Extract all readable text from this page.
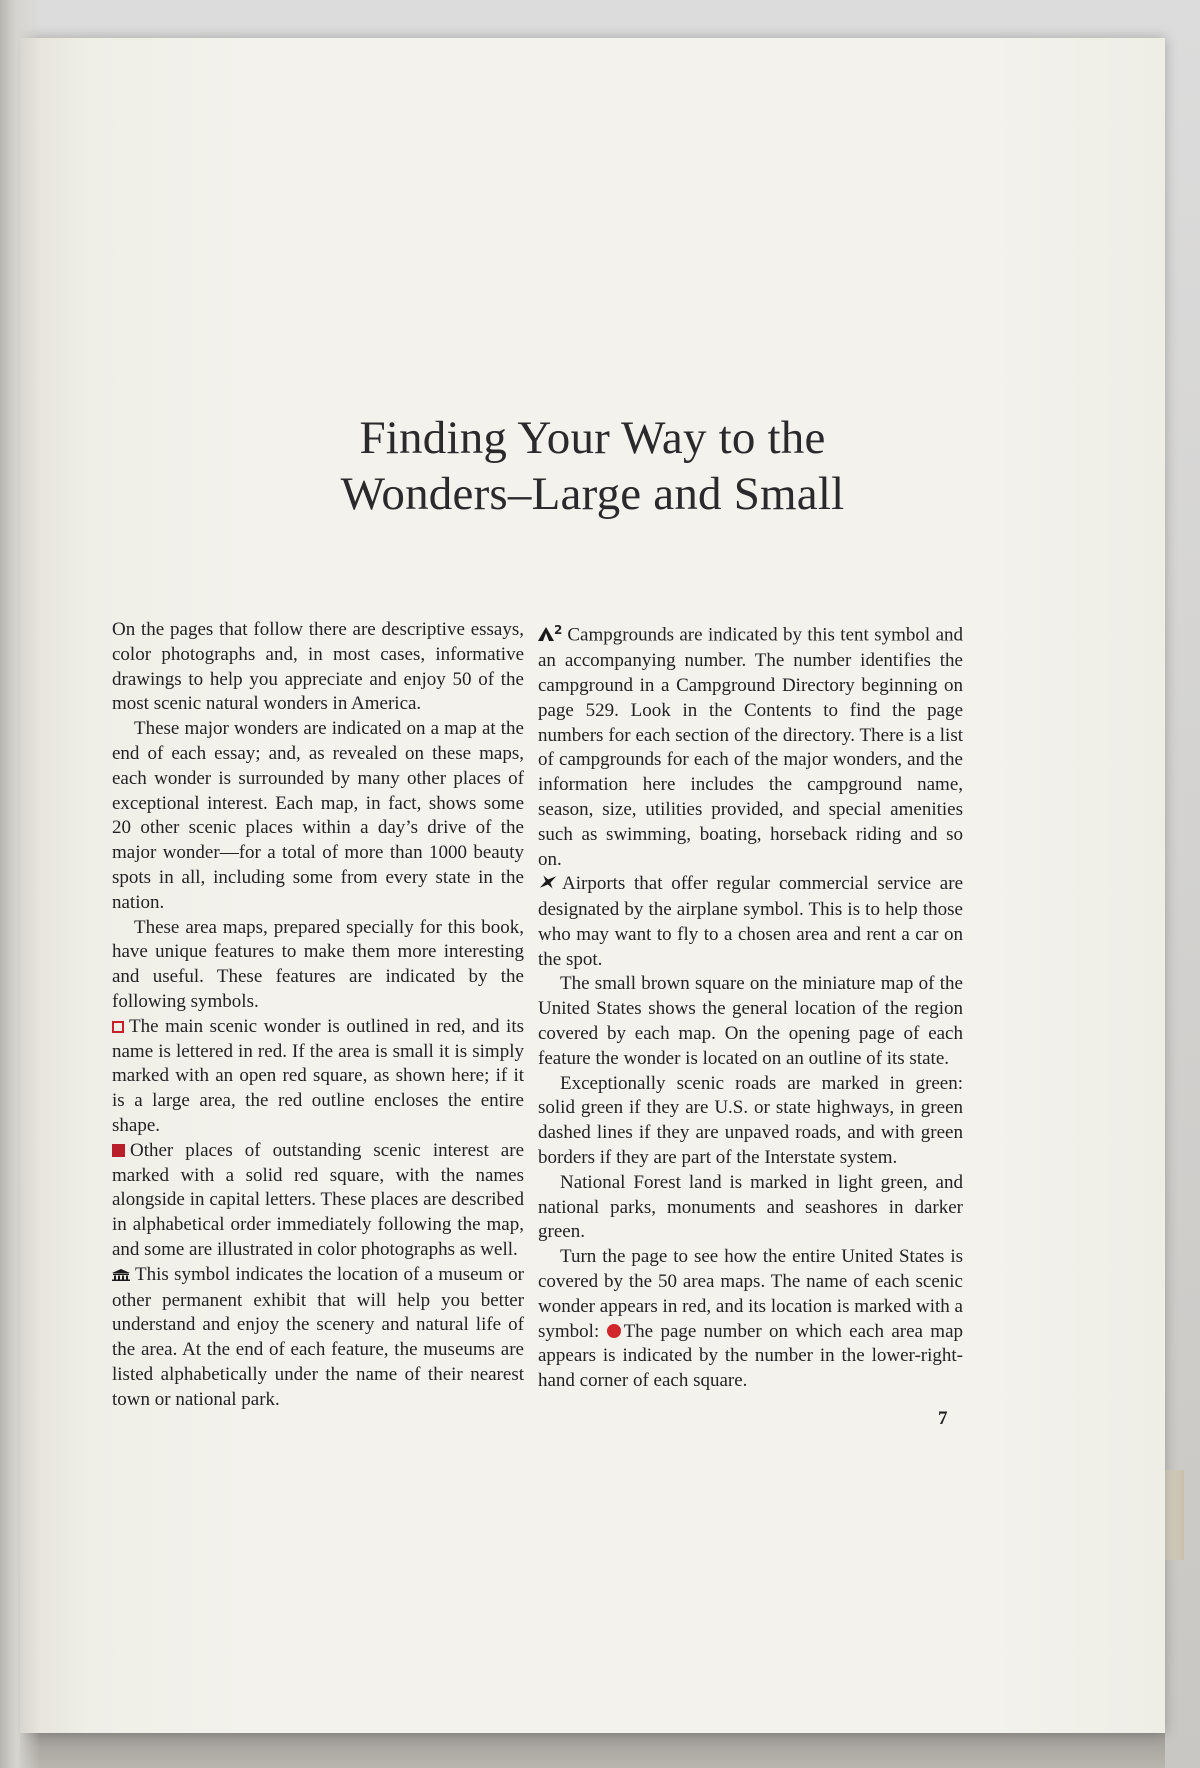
Finding Your Way to the
Wonders–Large and Small

On the pages that follow there are descriptive essays, color photographs and, in most cases, informative drawings to help you appreciate and enjoy 50 of the most scenic natural wonders in America.

These major wonders are indicated on a map at the end of each essay; and, as revealed on these maps, each wonder is surrounded by many other places of exceptional interest. Each map, in fact, shows some 20 other scenic places within a day’s drive of the major wonder—for a total of more than 1000 beauty spots in all, including some from every state in the nation.

These area maps, prepared specially for this book, have unique features to make them more interesting and useful. These features are indicated by the following symbols.

The main scenic wonder is outlined in red, and its name is lettered in red. If the area is small it is simply marked with an open red square, as shown here; if it is a large area, the red outline encloses the entire shape.

Other places of outstanding scenic interest are marked with a solid red square, with the names alongside in capital letters. These places are described in alphabetical order immediately following the map, and some are illustrated in color photographs as well.

This symbol indicates the location of a museum or other permanent exhibit that will help you better understand and enjoy the scenery and natural life of the area. At the end of each feature, the museums are listed alphabetically under the name of their nearest town or national park.

$^2$ Campgrounds are indicated by this tent symbol and an accompanying number. The number identifies the campground in a Campground Directory beginning on page 529. Look in the Contents to find the page numbers for each section of the directory. There is a list of campgrounds for each of the major wonders, and the information here includes the campground name, season, size, utilities provided, and special amenities such as swimming, boating, horseback riding and so on.

Airports that offer regular commercial service are designated by the airplane symbol. This is to help those who may want to fly to a chosen area and rent a car on the spot.

The small brown square on the miniature map of the United States shows the general location of the region covered by each map. On the opening page of each feature the wonder is located on an outline of its state.

Exceptionally scenic roads are marked in green: solid green if they are U.S. or state highways, in green dashed lines if they are unpaved roads, and with green borders if they are part of the Interstate system.

National Forest land is marked in light green, and national parks, monuments and seashores in darker green.

Turn the page to see how the entire United States is covered by the 50 area maps. The name of each scenic wonder appears in red, and its location is marked with a symbol: The page number on which each area map appears is indicated by the number in the lower-right-hand corner of each square.

7
